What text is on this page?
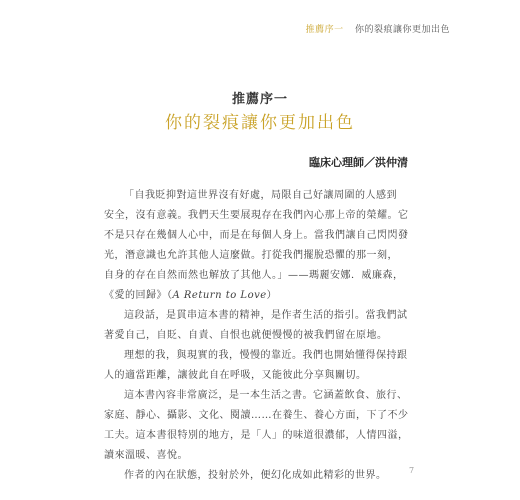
推薦序一 你的裂痕讓你更加出色
推薦序一
你的裂痕讓你更加出色
臨床心理師／洪仲清
「自我貶抑對這世界沒有好處，局限自己好讓周圍的人感到
安全，沒有意義。我們天生要展現存在我們內心那上帝的榮耀。它
不是只存在幾個人心中，而是在每個人身上。當我們讓自己閃閃發
光，潛意識也允許其他人這麼做。打從我們擺脫恐懼的那一刻，
自身的存在自然而然也解放了其他人。」——瑪麗安娜．威廉森，
《愛的回歸》（A Return to Love）
這段話，是貫串這本書的精神，是作者生活的指引。當我們試
著愛自己，自貶、自責、自恨也就便慢慢的被我們留在原地。
理想的我，與現實的我，慢慢的靠近。我們也開始懂得保持跟
人的適當距離，讓彼此自在呼吸，又能彼此分享與關切。
這本書內容非常廣泛，是一本生活之書。它涵蓋飲食、旅行、
家庭、靜心、攝影、文化、閱讀……在養生、養心方面，下了不少
工夫。這本書很特別的地方，是「人」的味道很濃郁，人情四溢，
讀來溫暖、喜悅。
作者的內在狀態，投射於外，便幻化成如此精彩的世界。	7
